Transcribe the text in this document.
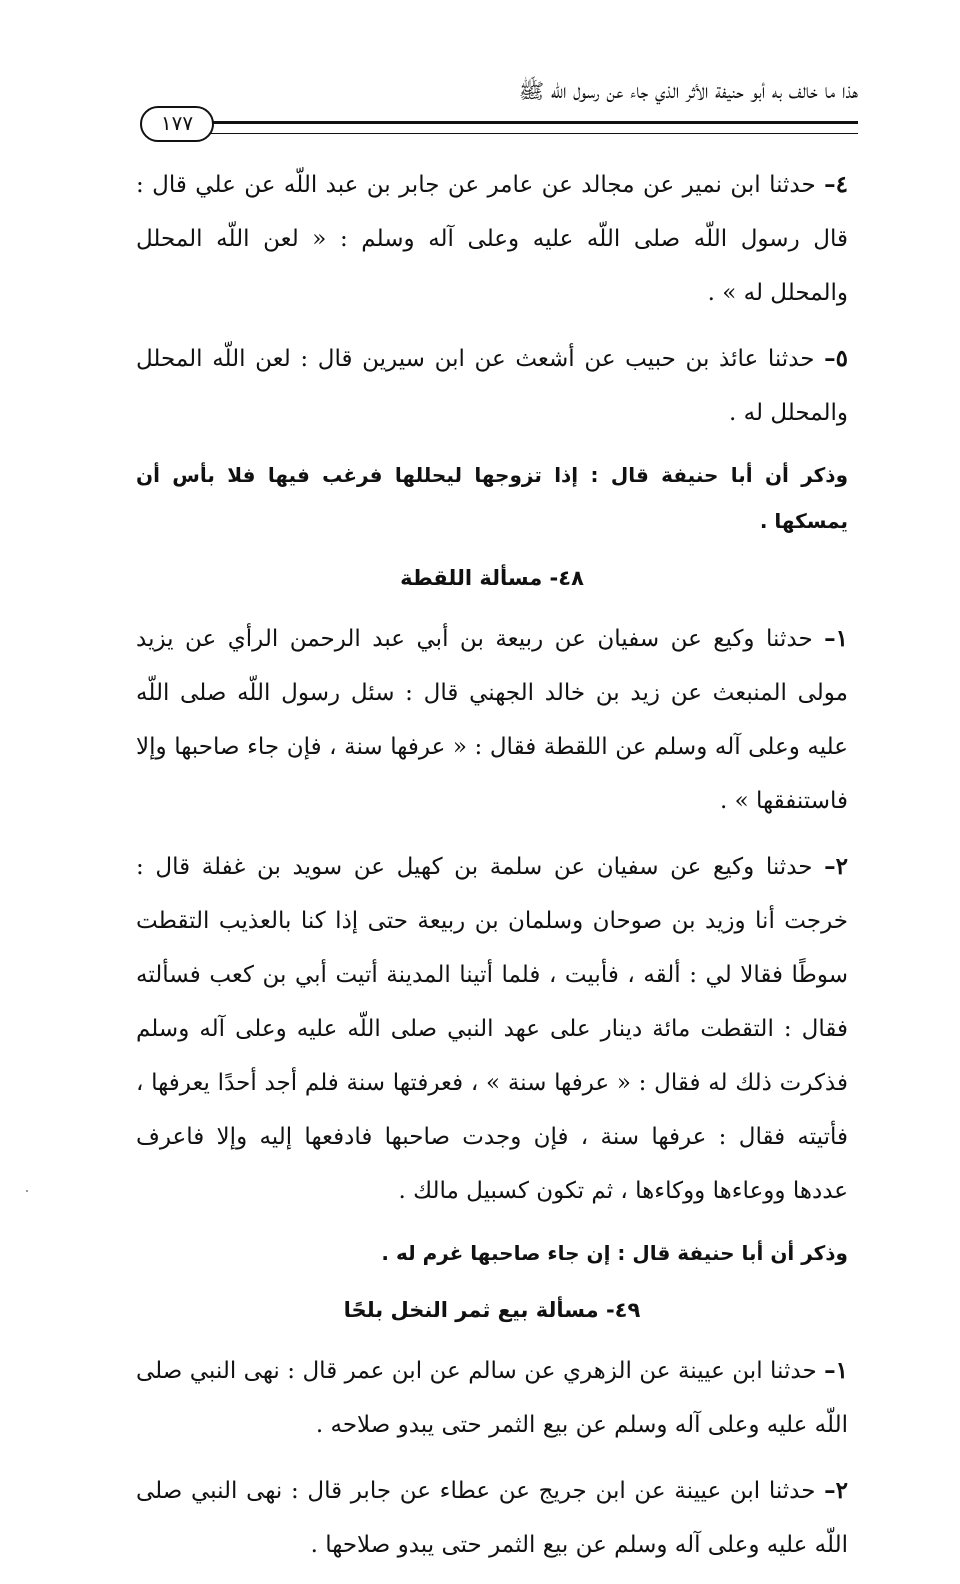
هذا ما خالف به أبو حنيفة الأثر الذي جاء عن رسول اللّه ﷺ
١٧٧

٤– حدثنا ابن نمير عن مجالد عن عامر عن جابر بن عبد اللّه عن علي قال : قال رسول اللّه صلى اللّه عليه وعلى آله وسلم : « لعن اللّه المحلل والمحلل له » .

٥– حدثنا عائذ بن حبيب عن أشعث عن ابن سيرين قال : لعن اللّه المحلل والمحلل له .

وذكر أن أبا حنيفة قال : إذا تزوجها ليحللها فرغب فيها فلا بأس أن يمسكها .

٤٨- مسألة اللقطة

١– حدثنا وكيع عن سفيان عن ربيعة بن أبي عبد الرحمن الرأي عن يزيد مولى المنبعث عن زيد بن خالد الجهني قال : سئل رسول اللّه صلى اللّه عليه وعلى آله وسلم عن اللقطة فقال : « عرفها سنة ، فإن جاء صاحبها وإلا فاستنفقها » .

٢– حدثنا وكيع عن سفيان عن سلمة بن كهيل عن سويد بن غفلة قال : خرجت أنا وزيد بن صوحان وسلمان بن ربيعة حتى إذا كنا بالعذيب التقطت سوطًا فقالا لي : ألقه ، فأبيت ، فلما أتينا المدينة أتيت أبي بن كعب فسألته فقال : التقطت مائة دينار على عهد النبي صلى اللّه عليه وعلى آله وسلم فذكرت ذلك له فقال : « عرفها سنة » ، فعرفتها سنة فلم أجد أحدًا يعرفها ، فأتيته فقال : عرفها سنة ، فإن وجدت صاحبها فادفعها إليه وإلا فاعرف عددها ووعاءها ووكاءها ، ثم تكون كسبيل مالك .

وذكر أن أبا حنيفة قال : إن جاء صاحبها غرم له .

٤٩- مسألة بيع ثمر النخل بلحًا

١– حدثنا ابن عيينة عن الزهري عن سالم عن ابن عمر قال : نهى النبي صلى اللّه عليه وعلى آله وسلم عن بيع الثمر حتى يبدو صلاحه .

٢– حدثنا ابن عيينة عن ابن جريج عن عطاء عن جابر قال : نهى النبي صلى اللّه عليه وعلى آله وسلم عن بيع الثمر حتى يبدو صلاحها .
